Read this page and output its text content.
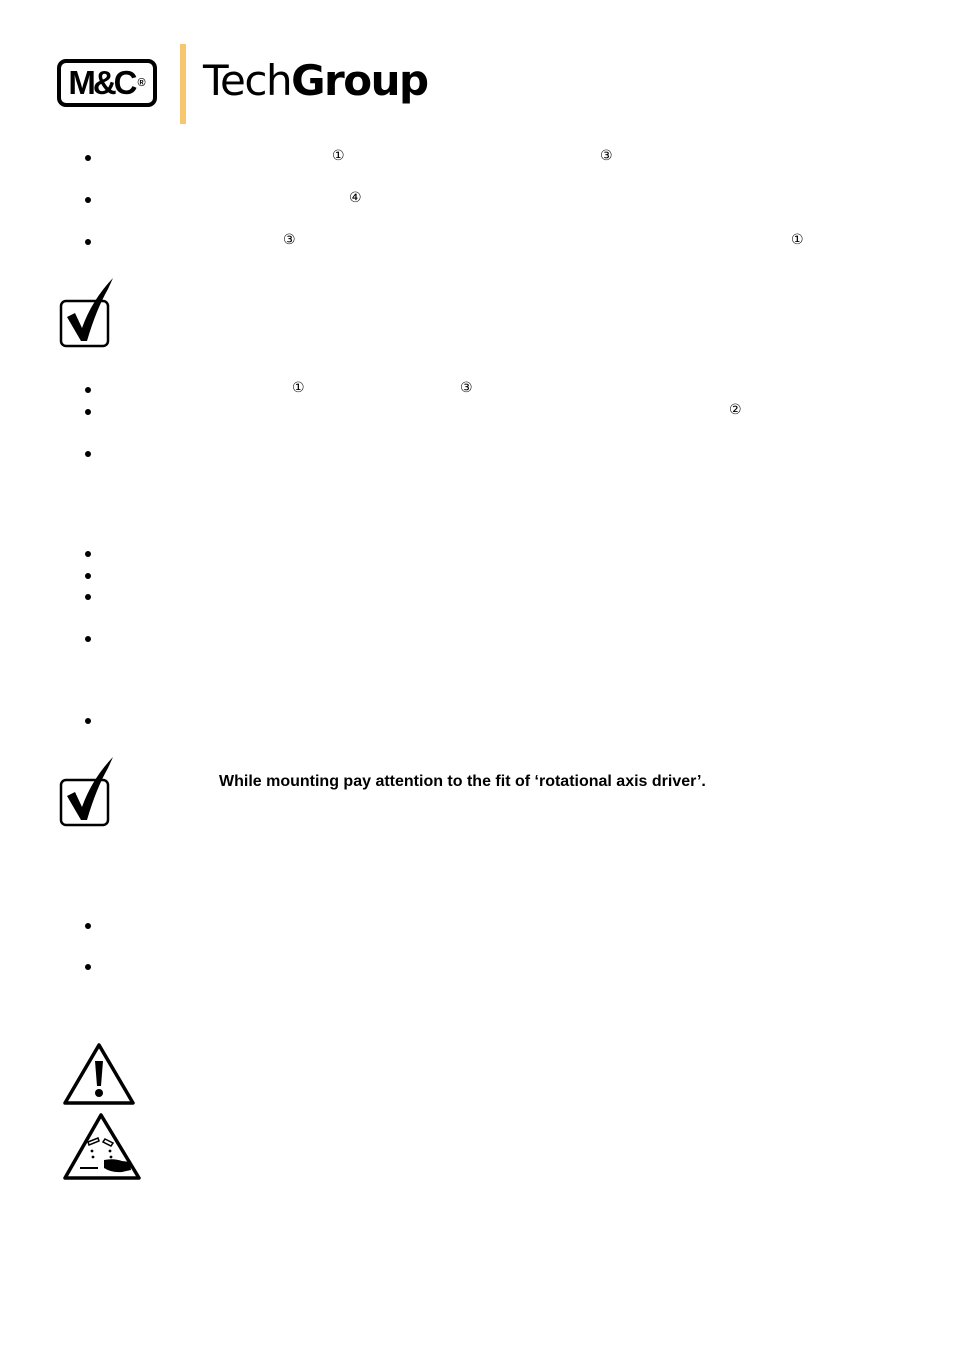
M&C ® TechGroup
①	③
④
③	①
①	③
②
While mounting pay attention to the fit of ‘rotational axis driver’.
